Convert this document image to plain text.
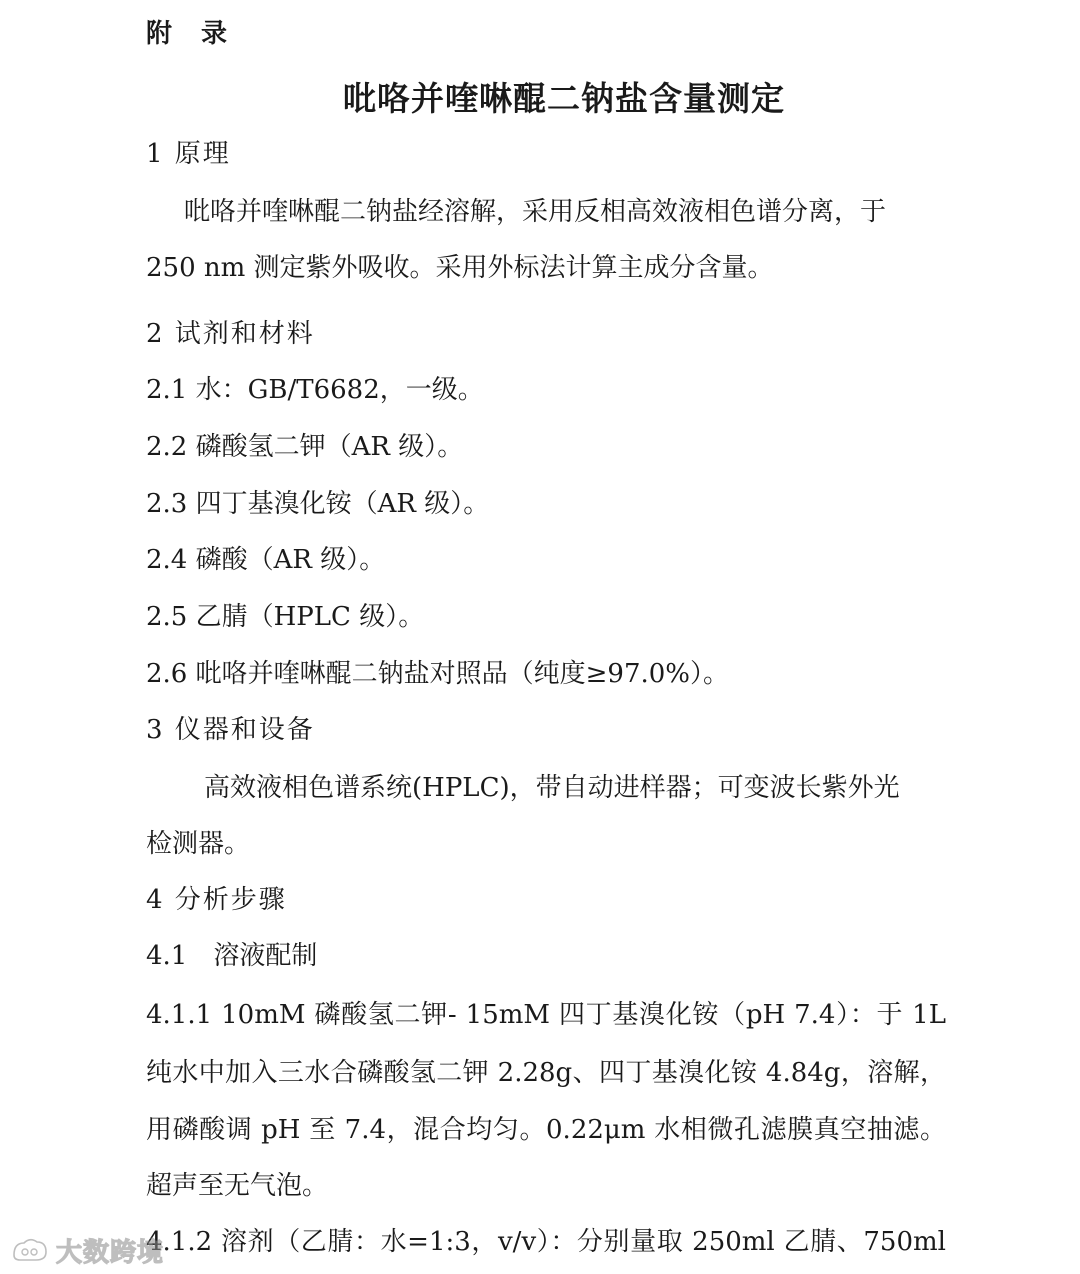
附 录
吡咯并喹啉醌二钠盐含量测定
1 原理
吡咯并喹啉醌二钠盐经溶解，采用反相高效液相色谱分离，于
250 nm 测定紫外吸收。采用外标法计算主成分含量。
2 试剂和材料
2.1 水：GB/T6682，一级。
2.2 磷酸氢二钾（AR 级）。
2.3 四丁基溴化铵（AR 级）。
2.4 磷酸（AR 级）。
2.5 乙腈（HPLC 级）。
2.6 吡咯并喹啉醌二钠盐对照品（纯度≥97.0%）。
3 仪器和设备
高效液相色谱系统(HPLC)，带自动进样器；可变波长紫外光
检测器。
4 分析步骤
4.1　溶液配制
4.1.1 10mM 磷酸氢二钾- 15mM 四丁基溴化铵（pH 7.4）：于 1L
纯水中加入三水合磷酸氢二钾 2.28g、四丁基溴化铵 4.84g，溶解，
用磷酸调 pH 至 7.4，混合均匀。0.22μm 水相微孔滤膜真空抽滤。
超声至无气泡。
4.1.2 溶剂（乙腈：水=1:3，v/v）：分别量取 250ml 乙腈、750ml
大数跨境
